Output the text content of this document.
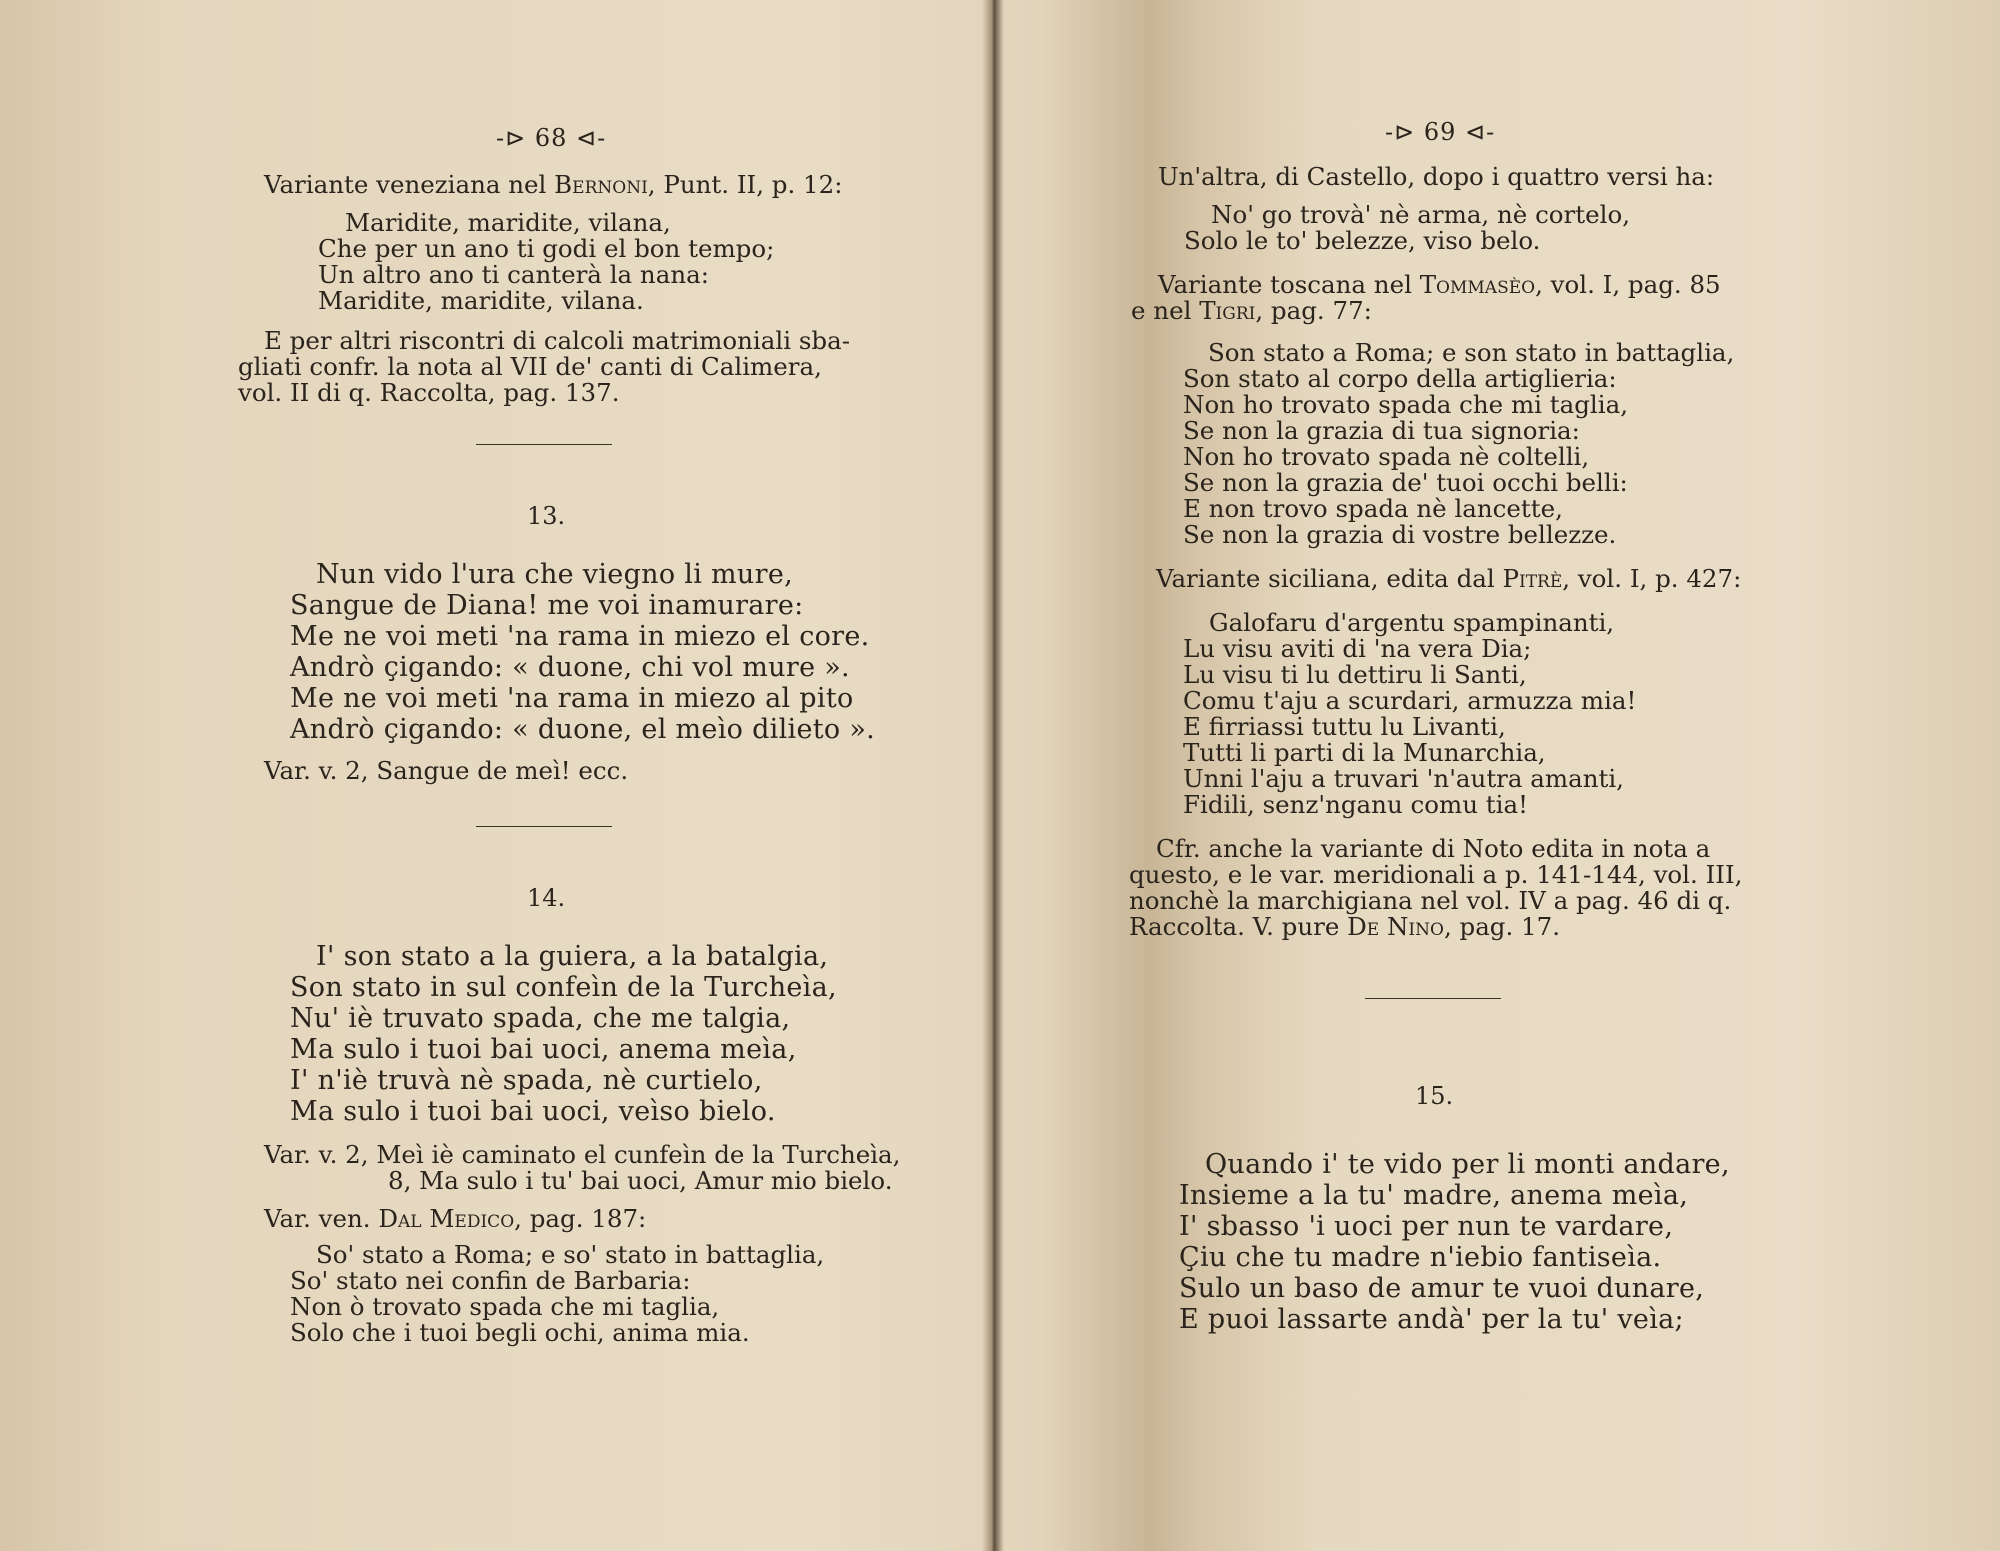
-⊳ 68 ⊲-
Variante veneziana nel Bernoni, Punt. II, p. 12:
Maridite, maridite, vilana,
Che per un ano ti godi el bon tempo;
Un altro ano ti canterà la nana:
Maridite, maridite, vilana.
E per altri riscontri di calcoli matrimoniali sba-
gliati confr. la nota al VII de' canti di Calimera,
vol. II di q. Raccolta, pag. 137.
13.
Nun vido l'ura che viegno li mure,
Sangue de Diana! me voi inamurare:
Me ne voi meti 'na rama in miezo el core.
Andrò çigando: « duone, chi vol mure ».
Me ne voi meti 'na rama in miezo al pito
Andrò çigando: « duone, el meìo dilieto ».
Var. v. 2, Sangue de meì! ecc.
14.
I' son stato a la guiera, a la batalgia,
Son stato in sul confeìn de la Turcheìa,
Nu' iè truvato spada, che me talgia,
Ma sulo i tuoi bai uoci, anema meìa,
I' n'iè truvà nè spada, nè curtielo,
Ma sulo i tuoi bai uoci, veìso bielo.
Var. v. 2, Meì iè caminato el cunfeìn de la Turcheìa,
8, Ma sulo i tu' bai uoci, Amur mio bielo.
Var. ven. Dal Medico, pag. 187:
So' stato a Roma; e so' stato in battaglia,
So' stato nei confin de Barbaria:
Non ò trovato spada che mi taglia,
Solo che i tuoi begli ochi, anima mia.
-⊳ 69 ⊲-
Un'altra, di Castello, dopo i quattro versi ha:
No' go trovà' nè arma, nè cortelo,
Solo le to' belezze, viso belo.
Variante toscana nel Tommasèo, vol. I, pag. 85
e nel Tigri, pag. 77:
Son stato a Roma; e son stato in battaglia,
Son stato al corpo della artiglieria:
Non ho trovato spada che mi taglia,
Se non la grazia di tua signoria:
Non ho trovato spada nè coltelli,
Se non la grazia de' tuoi occhi belli:
E non trovo spada nè lancette,
Se non la grazia di vostre bellezze.
Variante siciliana, edita dal Pitrè, vol. I, p. 427:
Galofaru d'argentu spampinanti,
Lu visu aviti di 'na vera Dia;
Lu visu ti lu dettiru li Santi,
Comu t'aju a scurdari, armuzza mia!
E firriassi tuttu lu Livanti,
Tutti li parti di la Munarchia,
Unni l'aju a truvari 'n'autra amanti,
Fidili, senz'nganu comu tia!
Cfr. anche la variante di Noto edita in nota a
questo, e le var. meridionali a p. 141-144, vol. III,
nonchè la marchigiana nel vol. IV a pag. 46 di q.
Raccolta. V. pure De Nino, pag. 17.
15.
Quando i' te vido per li monti andare,
Insieme a la tu' madre, anema meìa,
I' sbasso 'i uoci per nun te vardare,
Çiu che tu madre n'iebio fantiseìa.
Sulo un baso de amur te vuoi dunare,
E puoi lassarte andà' per la tu' veìa;
